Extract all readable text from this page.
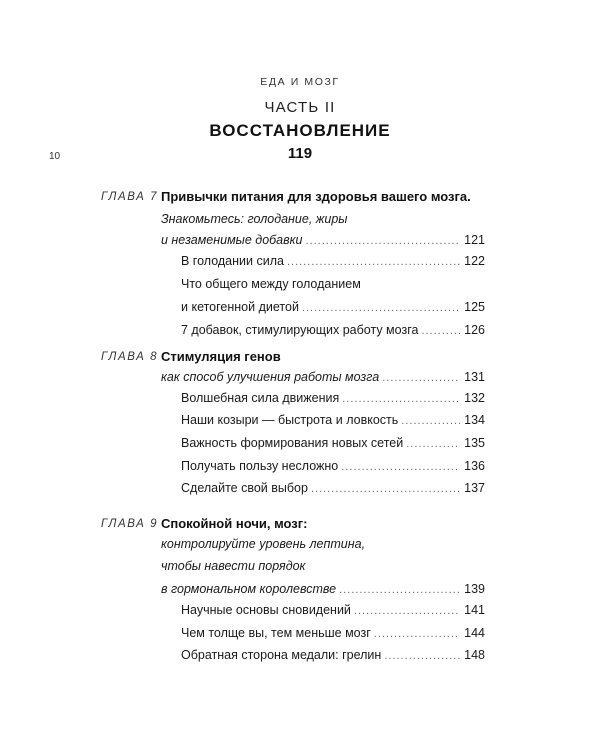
ЕДА И МОЗГ
ЧАСТЬ II
ВОССТАНОВЛЕНИЕ
119
10
ГЛАВА 7 Привычки питания для здоровья вашего мозга.
Знакомьтесь: голодание, жиры
и незаменимые добавки .....	121
В голодании сила .....	122
Что общего между голоданием
и кетогенной диетой .....	125
7 добавок, стимулирующих работу мозга .....	126
ГЛАВА 8 Стимуляция генов
как способ улучшения работы мозга .....	131
Волшебная сила движения .....	132
Наши козыри — быстрота и ловкость .....	134
Важность формирования новых сетей .....	135
Получать пользу несложно .....	136
Сделайте свой выбор .....	137
ГЛАВА 9 Спокойной ночи, мозг:
контролируйте уровень лептина,
чтобы навести порядок
в гормональном королевстве .....	139
Научные основы сновидений .....	141
Чем толще вы, тем меньше мозг .....	144
Обратная сторона медали: грелин .....	148
